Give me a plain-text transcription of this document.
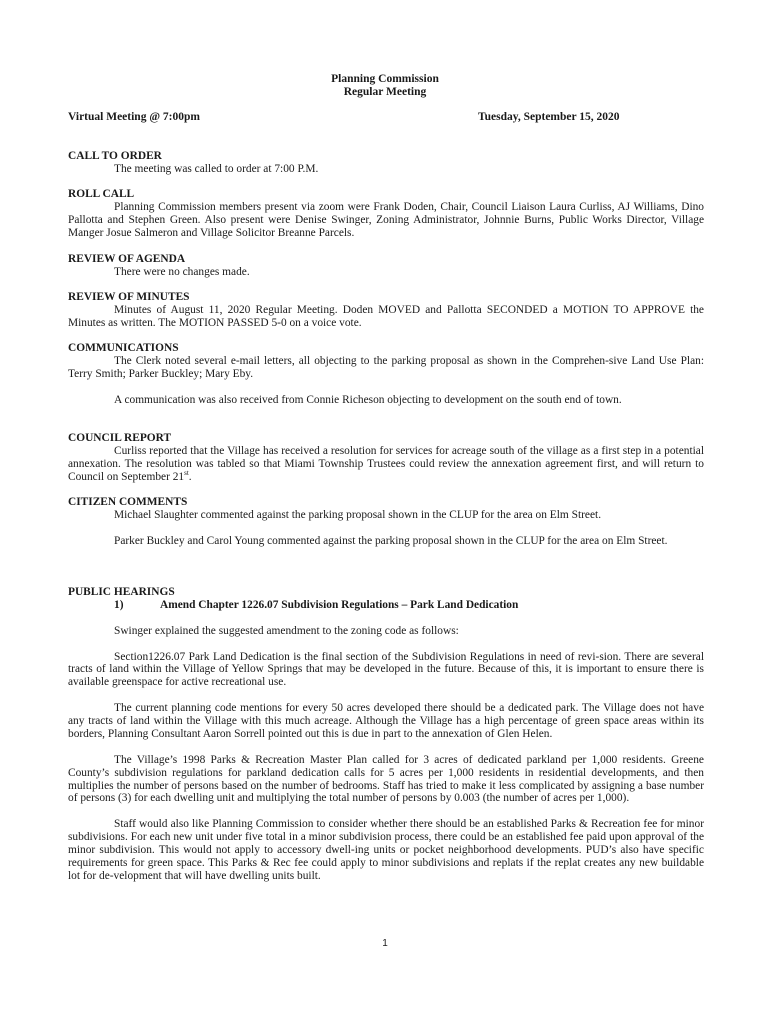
Planning Commission
Regular Meeting
Virtual Meeting @ 7:00pm	Tuesday, September 15, 2020
CALL TO ORDER

The meeting was called to order at 7:00 P.M.

ROLL CALL

Planning Commission members present via zoom were Frank Doden, Chair, Council Liaison Laura Curliss, AJ Williams, Dino Pallotta and Stephen Green. Also present were Denise Swinger, Zoning Administrator, Johnnie Burns, Public Works Director, Village Manger Josue Salmeron and Village Solicitor Breanne Parcels.

REVIEW OF AGENDA

There were no changes made.

REVIEW OF MINUTES

Minutes of August 11, 2020 Regular Meeting. Doden MOVED and Pallotta SECONDED a MOTION TO APPROVE the Minutes as written. The MOTION PASSED 5-0 on a voice vote.

COMMUNICATIONS

The Clerk noted several e-mail letters, all objecting to the parking proposal as shown in the Comprehen-sive Land Use Plan: Terry Smith; Parker Buckley; Mary Eby.

A communication was also received from Connie Richeson objecting to development on the south end of town.

COUNCIL REPORT

Curliss reported that the Village has received a resolution for services for acreage south of the village as a first step in a potential annexation. The resolution was tabled so that Miami Township Trustees could review the annexation agreement first, and will return to Council on September 21st.

CITIZEN COMMENTS

Michael Slaughter commented against the parking proposal shown in the CLUP for the area on Elm Street.

Parker Buckley and Carol Young commented against the parking proposal shown in the CLUP for the area on Elm Street.

PUBLIC HEARINGS
1)	Amend Chapter 1226.07 Subdivision Regulations – Park Land Dedication

Swinger explained the suggested amendment to the zoning code as follows:

Section1226.07 Park Land Dedication is the final section of the Subdivision Regulations in need of revi-sion. There are several tracts of land within the Village of Yellow Springs that may be developed in the future. Because of this, it is important to ensure there is available greenspace for active recreational use.

The current planning code mentions for every 50 acres developed there should be a dedicated park. The Village does not have any tracts of land within the Village with this much acreage. Although the Village has a high percentage of green space areas within its borders, Planning Consultant Aaron Sorrell pointed out this is due in part to the annexation of Glen Helen.

The Village’s 1998 Parks & Recreation Master Plan called for 3 acres of dedicated parkland per 1,000 residents. Greene County’s subdivision regulations for parkland dedication calls for 5 acres per 1,000 residents in residential developments, and then multiplies the number of persons based on the number of bedrooms. Staff has tried to make it less complicated by assigning a base number of persons (3) for each dwelling unit and multiplying the total number of persons by 0.003 (the number of acres per 1,000).

Staff would also like Planning Commission to consider whether there should be an established Parks & Recreation fee for minor subdivisions. For each new unit under five total in a minor subdivision process, there could be an established fee paid upon approval of the minor subdivision. This would not apply to accessory dwell-ing units or pocket neighborhood developments. PUD’s also have specific requirements for green space. This Parks & Rec fee could apply to minor subdivisions and replats if the replat creates any new buildable lot for de-velopment that will have dwelling units built.

1
